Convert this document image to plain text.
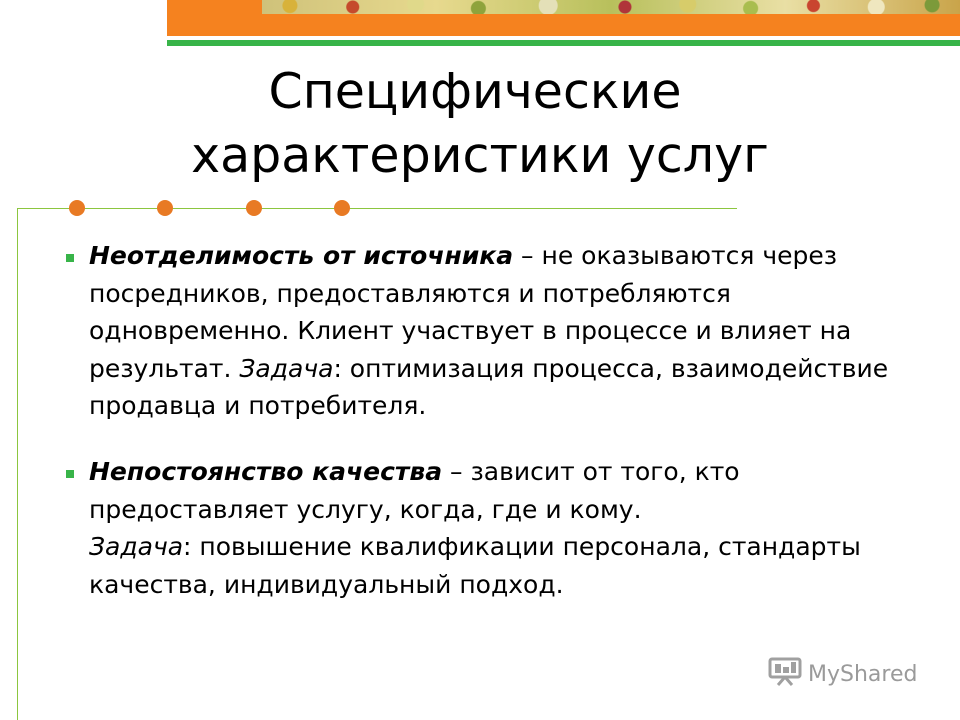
Специфические
характеристики услуг
Неотделимость от источника – не оказываются через посредников, предоставляются и потребляются одновременно. Клиент участвует в процессе и влияет на результат. Задача: оптимизация процесса, взаимодействие продавца и потребителя.
Непостоянство качества – зависит от того, кто предоставляет услугу, когда, где и кому.
Задача: повышение квалификации персонала, стандарты качества, индивидуальный подход.
MyShared
